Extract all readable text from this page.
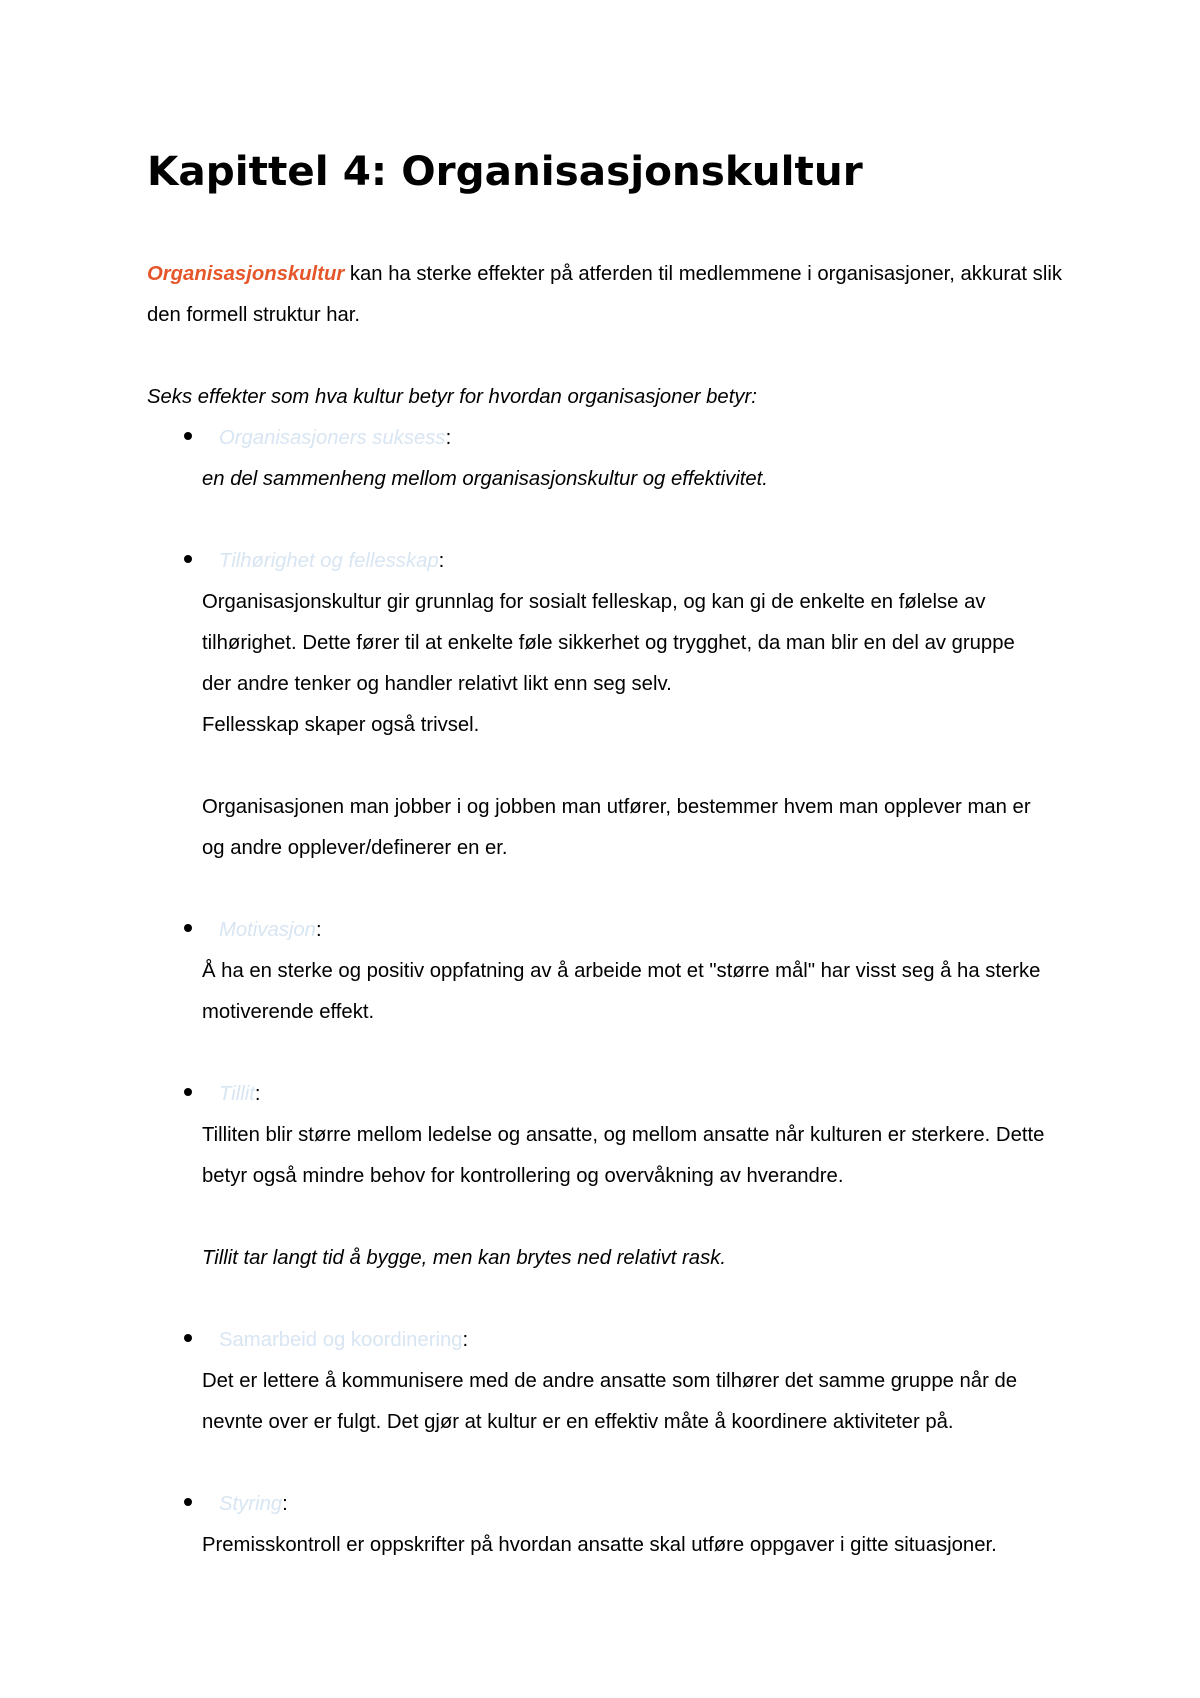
Kapittel 4: Organisasjonskultur
Organisasjonskultur kan ha sterke effekter på atferden til medlemmene i organisasjoner, akkurat slik
den formell struktur har.
Seks effekter som hva kultur betyr for hvordan organisasjoner betyr:
Organisasjoners suksess:
en del sammenheng mellom organisasjonskultur og effektivitet.
Tilhørighet og fellesskap:
Organisasjonskultur gir grunnlag for sosialt felleskap, og kan gi de enkelte en følelse av
tilhørighet. Dette fører til at enkelte føle sikkerhet og trygghet, da man blir en del av gruppe
der andre tenker og handler relativt likt enn seg selv.
Fellesskap skaper også trivsel.
Organisasjonen man jobber i og jobben man utfører, bestemmer hvem man opplever man er
og andre opplever/definerer en er.
Motivasjon:
Å ha en sterke og positiv oppfatning av å arbeide mot et "større mål" har visst seg å ha sterke
motiverende effekt.
Tillit:
Tilliten blir større mellom ledelse og ansatte, og mellom ansatte når kulturen er sterkere. Dette
betyr også mindre behov for kontrollering og overvåkning av hverandre.
Tillit tar langt tid å bygge, men kan brytes ned relativt rask.
Samarbeid og koordinering:
Det er lettere å kommunisere med de andre ansatte som tilhører det samme gruppe når de
nevnte over er fulgt. Det gjør at kultur er en effektiv måte å koordinere aktiviteter på.
Styring:
Premisskontroll er oppskrifter på hvordan ansatte skal utføre oppgaver i gitte situasjoner.
